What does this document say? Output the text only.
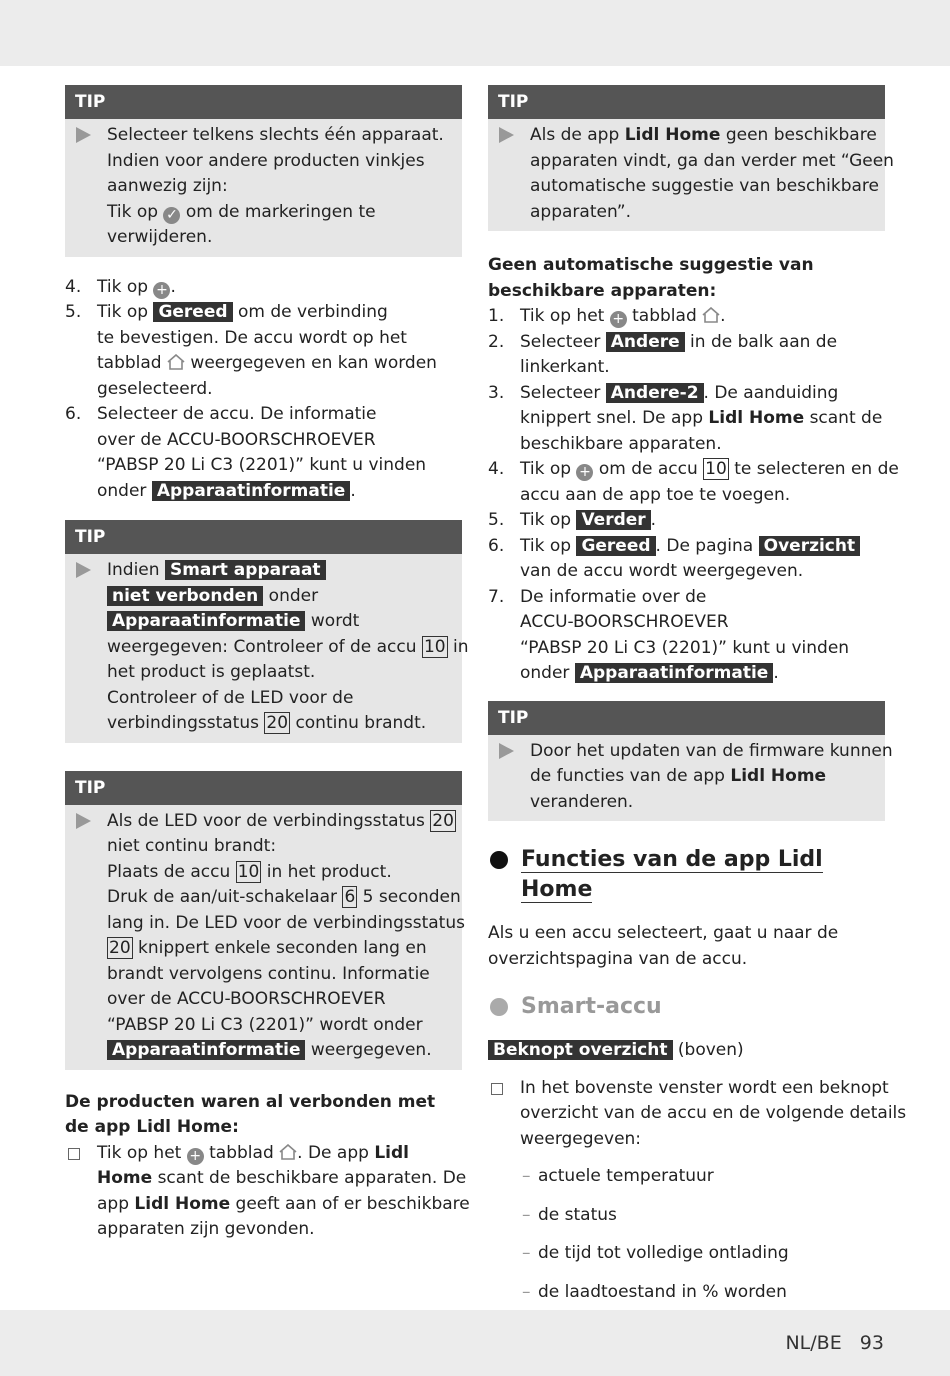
TIP
Selecteer telkens slechts één apparaat.
Indien voor andere producten vinkjes
aanwezig zijn:
Tik op ✓ om de markeringen te
verwijderen.
4. Tik op + .
5. Tik op Gereed om de verbinding
te bevestigen. De accu wordt op het
tabblad weergegeven en kan worden
geselecteerd.
6. Selecteer de accu. De informatie
over de ACCU-BOORSCHROEVER
“PABSP 20 Li C3 (2201)” kunt u vinden
onder Apparaatinformatie .
TIP
Indien Smart apparaat
niet verbonden onder
Apparaatinformatie wordt
weergegeven: Controleer of de accu 10 in
het product is geplaatst.
Controleer of de LED voor de
verbindingsstatus 20 continu brandt.
TIP
Als de LED voor de verbindingsstatus 20
niet continu brandt:
Plaats de accu 10 in het product.
Druk de aan/uit-schakelaar 6 5 seconden
lang in. De LED voor de verbindingsstatus
20 knippert enkele seconden lang en
brandt vervolgens continu. Informatie
over de ACCU-BOORSCHROEVER
“PABSP 20 Li C3 (2201)” wordt onder
Apparaatinformatie weergegeven.
De producten waren al verbonden met
de app Lidl Home:
Tik op het + tabblad . De app Lidl
Home scant de beschikbare apparaten. De
app Lidl Home geeft aan of er beschikbare
apparaten zijn gevonden.
TIP
Als de app Lidl Home geen beschikbare
apparaten vindt, ga dan verder met “Geen
automatische suggestie van beschikbare
apparaten”.
Geen automatische suggestie van
beschikbare apparaten:
1. Tik op het + tabblad .
2. Selecteer Andere in de balk aan de
linkerkant.
3. Selecteer Andere-2 . De aanduiding
knippert snel. De app Lidl Home scant de
beschikbare apparaten.
4. Tik op + om de accu 10 te selecteren en de
accu aan de app toe te voegen.
5. Tik op Verder .
6. Tik op Gereed . De pagina Overzicht
van de accu wordt weergegeven.
7. De informatie over de
ACCU-BOORSCHROEVER
“PABSP 20 Li C3 (2201)” kunt u vinden
onder Apparaatinformatie .
TIP
Door het updaten van de firmware kunnen
de functies van de app Lidl Home
veranderen.
Functies van de app Lidl Home
Als u een accu selecteert, gaat u naar de
overzichtspagina van de accu.
Smart-accu
Beknopt overzicht (boven)
In het bovenste venster wordt een beknopt
overzicht van de accu en de volgende details
weergegeven:
– actuele temperatuur
– de status
– de tijd tot volledige ontlading
– de laadtoestand in % worden
NL/BE   93
